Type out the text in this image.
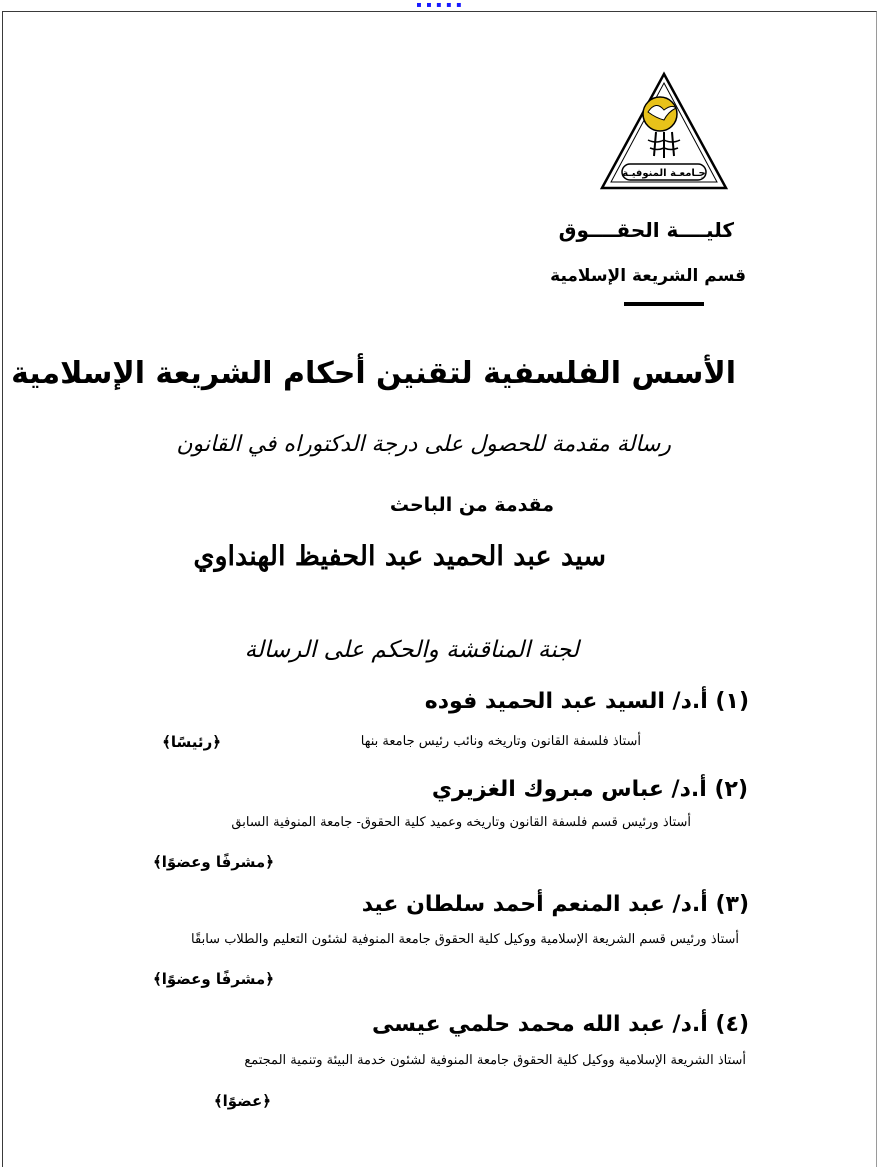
▪ ▪ ▪ ▪ ▪
جـامعـة المنوفيـة
كليــــة الحقــــوق
قسم الشريعة الإسلامية
الأسس الفلسفية لتقنين أحكام الشريعة الإسلامية
رسالة مقدمة للحصول على درجة الدكتوراه في القانون
مقدمة من الباحث
سيد عبد الحميد عبد الحفيظ الهنداوي
لجنة المناقشة والحكم على الرسالة
(١) أ.د/ السيد عبد الحميد فوده
أستاذ فلسفة القانون وتاريخه ونائب رئيس جامعة بنها
﴿رئيسًا﴾
(٢) أ.د/ عباس مبروك الغزيري
أستاذ ورئيس قسم فلسفة القانون وتاريخه وعميد كلية الحقوق- جامعة المنوفية السابق
﴿مشرفًا وعضوًا﴾
(٣) أ.د/ عبد المنعم أحمد سلطان عيد
أستاذ ورئيس قسم الشريعة الإسلامية ووكيل كلية الحقوق جامعة المنوفية لشئون التعليم والطلاب سابقًا
﴿مشرفًا وعضوًا﴾
(٤) أ.د/ عبد الله محمد حلمي عيسى
أستاذ الشريعة الإسلامية ووكيل كلية الحقوق جامعة المنوفية لشئون خدمة البيئة وتنمية المجتمع
﴿عضوًا﴾
